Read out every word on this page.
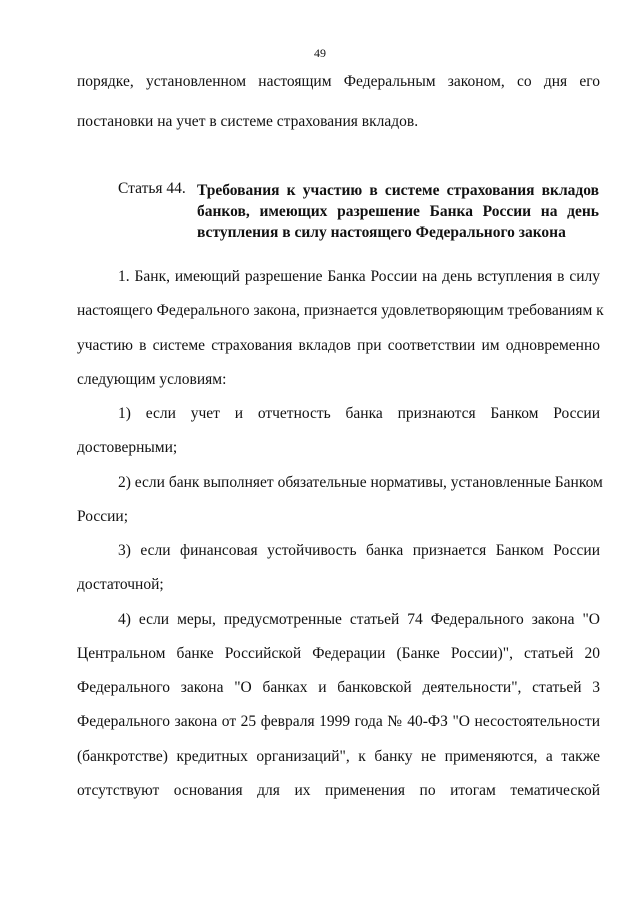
49
порядке, установленном настоящим Федеральным законом, со дня его
постановки на учет в системе страхования вкладов.
Статья 44. Требования к участию в системе страхования вкладов
банков, имеющих разрешение Банка России на день
вступления в силу настоящего Федерального закона
1. Банк, имеющий разрешение Банка России на день вступления в силу
настоящего Федерального закона, признается удовлетворяющим требованиям к
участию в системе страхования вкладов при соответствии им одновременно
следующим условиям:
1) если учет и отчетность банка признаются Банком России
достоверными;
2) если банк выполняет обязательные нормативы, установленные Банком
России;
3) если финансовая устойчивость банка признается Банком России
достаточной;
4) если меры, предусмотренные статьей 74 Федерального закона "О
Центральном банке Российской Федерации (Банке России)", статьей 20
Федерального закона "О банках и банковской деятельности", статьей 3
Федерального закона от 25 февраля 1999 года № 40-ФЗ "О несостоятельности
(банкротстве) кредитных организаций", к банку не применяются, а также
отсутствуют основания для их применения по итогам тематической
